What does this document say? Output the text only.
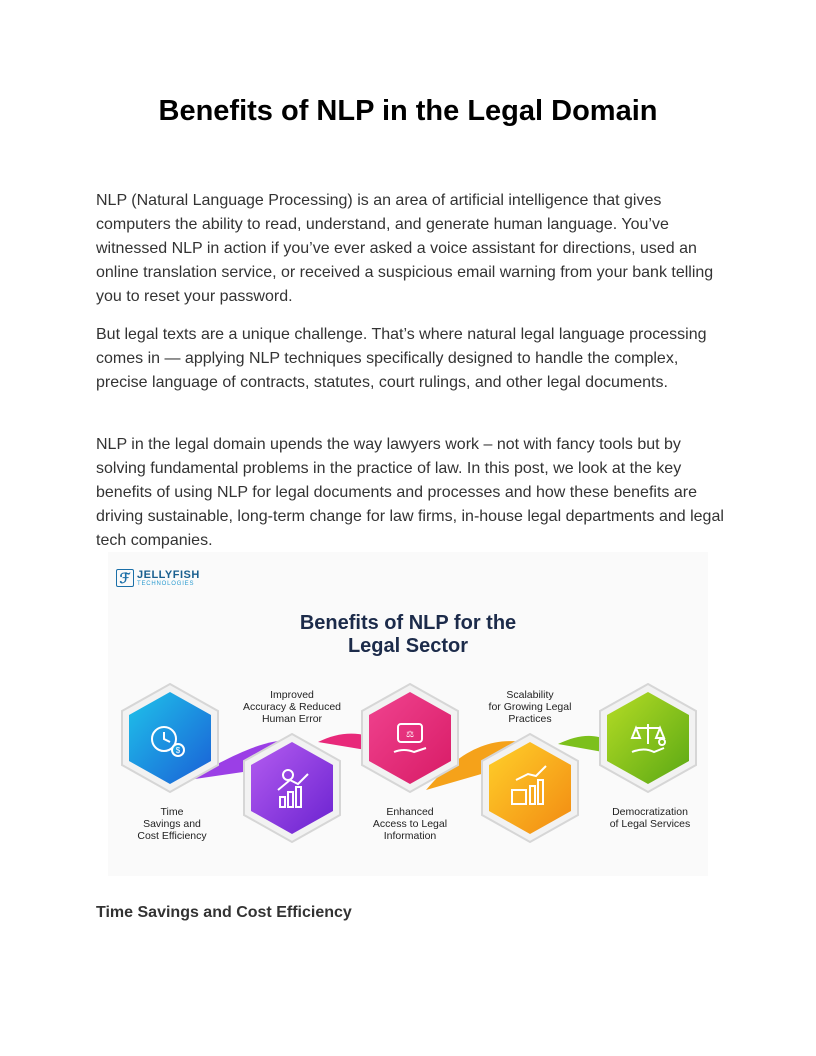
Benefits of NLP in the Legal Domain

NLP (Natural Language Processing) is an area of artificial intelligence that gives computers the ability to read, understand, and generate human language. You’ve witnessed NLP in action if you’ve ever asked a voice assistant for directions, used an online translation service, or received a suspicious email warning from your bank telling you to reset your password.

But legal texts are a unique challenge. That’s where natural legal language processing comes in — applying NLP techniques specifically designed to handle the complex, precise language of contracts, statutes, court rulings, and other legal documents.

NLP in the legal domain upends the way lawyers work – not with fancy tools but by solving fundamental problems in the practice of law. In this post, we look at the key benefits of using NLP for legal documents and processes and how these benefits are driving sustainable, long-term change for law firms, in-house legal departments and legal tech companies.

$
⚖
ℱ JELLYFISH
TECHNOLOGIES
Benefits of NLP for the
Legal Sector
Time
Savings and
Cost Efficiency
Improved
Accuracy & Reduced
Human Error
Enhanced
Access to Legal
Information
Scalability
for Growing Legal
Practices
Democratization
of Legal Services
Time Savings and Cost Efficiency
